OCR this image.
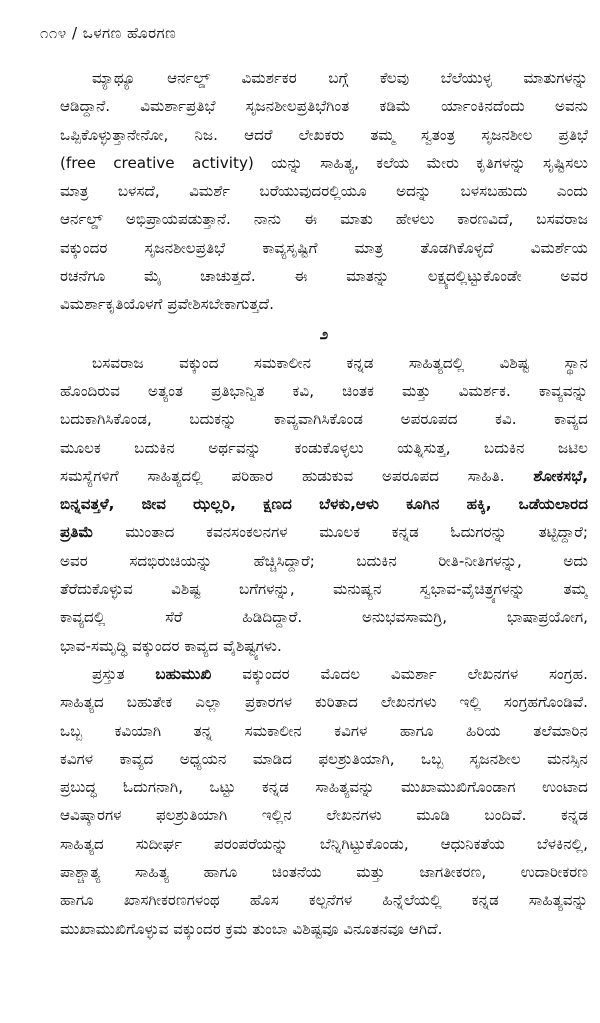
೧೧೪ / ಒಳಗಣ ಹೊರಗಣ
ಮ್ಯಾಥ್ಯೂ ಆರ್ನಲ್ಡ್ ವಿಮರ್ಶಕರ ಬಗ್ಗೆ ಕೆಲವು ಬೆಲೆಯುಳ್ಳ ಮಾತುಗಳನ್ನು
ಆಡಿದ್ದಾನೆ. ವಿಮರ್ಶಾಪ್ರತಿಭೆ ಸೃಜನಶೀಲಪ್ರತಿಭೆಗಿಂತ ಕಡಿಮೆ ರ್ಯಾಂಕಿನದೆಂದು ಅವನು
ಒಪ್ಪಿಕೊಳ್ಳುತ್ತಾನೇನೋ, ನಿಜ. ಆದರೆ ಲೇಖಕರು ತಮ್ಮ ಸ್ವತಂತ್ರ ಸೃಜನಶೀಲ ಪ್ರತಿಭೆ
(free creative activity) ಯನ್ನು ಸಾಹಿತ್ಯ, ಕಲೆಯ ಮೇರು ಕೃತಿಗಳನ್ನು ಸೃಷ್ಟಿಸಲು
ಮಾತ್ರ ಬಳಸದೆ, ವಿಮರ್ಶೆ ಬರೆಯುವುದರಲ್ಲಿಯೂ ಅದನ್ನು ಬಳಸಬಹುದು ಎಂದು
ಆರ್ನಲ್ಡ್ ಅಭಿಪ್ರಾಯಪಡುತ್ತಾನೆ. ನಾನು ಈ ಮಾತು ಹೇಳಲು ಕಾರಣವಿದೆ, ಬಸವರಾಜ
ವಕ್ಕುಂದರ ಸೃಜನಶೀಲಪ್ರತಿಭೆ ಕಾವ್ಯಸೃಷ್ಟಿಗೆ ಮಾತ್ರ ತೊಡಗಿಕೊಳ್ಳದೆ ವಿಮರ್ಶೆಯ
ರಚನೆಗೂ ಮೈ ಚಾಚುತ್ತದೆ. ಈ ಮಾತನ್ನು ಲಕ್ಷ್ಯದಲ್ಲಿಟ್ಟುಕೊಂಡೇ ಅವರ
ವಿಮರ್ಶಾಕೃತಿಯೊಳಗೆ ಪ್ರವೇಶಿಸಬೇಕಾಗುತ್ತದೆ.
೨
ಬಸವರಾಜ ವಕ್ಕುಂದ ಸಮಕಾಲೀನ ಕನ್ನಡ ಸಾಹಿತ್ಯದಲ್ಲಿ ವಿಶಿಷ್ಟ ಸ್ಥಾನ
ಹೊಂದಿರುವ ಅತ್ಯಂತ ಪ್ರತಿಭಾನ್ವಿತ ಕವಿ, ಚಿಂತಕ ಮತ್ತು ವಿಮರ್ಶಕ. ಕಾವ್ಯವನ್ನು
ಬದುಕಾಗಿಸಿಕೊಂಡ, ಬದುಕನ್ನು ಕಾವ್ಯವಾಗಿಸಿಕೊಂಡ ಅಪರೂಪದ ಕವಿ. ಕಾವ್ಯದ
ಮೂಲಕ ಬದುಕಿನ ಅರ್ಥವನ್ನು ಕಂಡುಕೊಳ್ಳಲು ಯತ್ನಿಸುತ್ತ, ಬದುಕಿನ ಜಟಿಲ
ಸಮಸ್ಯೆಗಳಿಗೆ ಸಾಹಿತ್ಯದಲ್ಲಿ ಪರಿಹಾರ ಹುಡುಕುವ ಅಪರೂಪದ ಸಾಹಿತಿ. ಶೋಕಸಭೆ,
ಬಿನ್ನವತ್ತಳೆ, ಜೀವ ಝಲ್ಲರಿ, ಕ್ಷಣದ ಬೆಳಕು,ಆಳು ಕೂಗಿನ ಹಕ್ಕಿ, ಒಡೆಯಲಾರದ
ಪ್ರತಿಮೆ ಮುಂತಾದ ಕವನಸಂಕಲನಗಳ ಮೂಲಕ ಕನ್ನಡ ಓದುಗರನ್ನು ತಟ್ಟಿದ್ದಾರೆ;
ಅವರ ಸದಭಿರುಚಿಯನ್ನು ಹೆಚ್ಚಿಸಿದ್ದಾರೆ; ಬದುಕಿನ ರೀತಿ-ನೀತಿಗಳನ್ನು, ಅದು
ತೆರೆದುಕೊಳ್ಳುವ ವಿಶಿಷ್ಟ ಬಗೆಗಳನ್ನು, ಮನುಷ್ಯನ ಸ್ವಭಾವ-ವೈಚಿತ್ರ್ಯಗಳನ್ನು ತಮ್ಮ
ಕಾವ್ಯದಲ್ಲಿ ಸೆರೆ ಹಿಡಿದಿದ್ದಾರೆ. ಅನುಭವಸಾಮಗ್ರಿ, ಭಾಷಾಪ್ರಯೋಗ,
ಭಾವ-ಸಮೃದ್ಧಿ ವಕ್ಕುಂದರ ಕಾವ್ಯದ ವೈಶಿಷ್ಟ್ಯಗಳು.
ಪ್ರಸ್ತುತ ಬಹುಮುಖಿ ವಕ್ಕುಂದರ ಮೊದಲ ವಿಮರ್ಶಾ ಲೇಖನಗಳ ಸಂಗ್ರಹ.
ಸಾಹಿತ್ಯದ ಬಹುತೇಕ ಎಲ್ಲಾ ಪ್ರಕಾರಗಳ ಕುರಿತಾದ ಲೇಖನಗಳು ಇಲ್ಲಿ ಸಂಗ್ರಹಗೊಂಡಿವೆ.
ಒಬ್ಬ ಕವಿಯಾಗಿ ತನ್ನ ಸಮಕಾಲೀನ ಕವಿಗಳ ಹಾಗೂ ಹಿರಿಯ ತಲೆಮಾರಿನ
ಕವಿಗಳ ಕಾವ್ಯದ ಅಧ್ಯಯನ ಮಾಡಿದ ಫಲಶ್ರುತಿಯಾಗಿ, ಒಬ್ಬ ಸೃಜನಶೀಲ ಮನಸ್ಸಿನ
ಪ್ರಬುದ್ಧ ಓದುಗನಾಗಿ, ಒಟ್ಟು ಕನ್ನಡ ಸಾಹಿತ್ಯವನ್ನು ಮುಖಾಮುಖಿಗೊಂಡಾಗ ಉಂಟಾದ
ಆವಿಷ್ಕಾರಗಳ ಫಲಶ್ರುತಿಯಾಗಿ ಇಲ್ಲಿನ ಲೇಖನಗಳು ಮೂಡಿ ಬಂದಿವೆ. ಕನ್ನಡ
ಸಾಹಿತ್ಯದ ಸುದೀರ್ಘ ಪರಂಪರೆಯನ್ನು ಬೆನ್ನಿಗಿಟ್ಟುಕೊಂಡು, ಆಧುನಿಕತೆಯ ಬೆಳಕಿನಲ್ಲಿ,
ಪಾಶ್ಚಾತ್ಯ ಸಾಹಿತ್ಯ ಹಾಗೂ ಚಿಂತನೆಯ ಮತ್ತು ಜಾಗತೀಕರಣ, ಉದಾರೀಕರಣ
ಹಾಗೂ ಖಾಸಗೀಕರಣಗಳಂಥ ಹೊಸ ಕಲ್ಪನೆಗಳ ಹಿನ್ನೆಲೆಯಲ್ಲಿ ಕನ್ನಡ ಸಾಹಿತ್ಯವನ್ನು
ಮುಖಾಮುಖಿಗೊಳ್ಳುವ ವಕ್ಕುಂದರ ಕ್ರಮ ತುಂಬಾ ವಿಶಿಷ್ಟವೂ ವಿನೂತನವೂ ಆಗಿದೆ.
